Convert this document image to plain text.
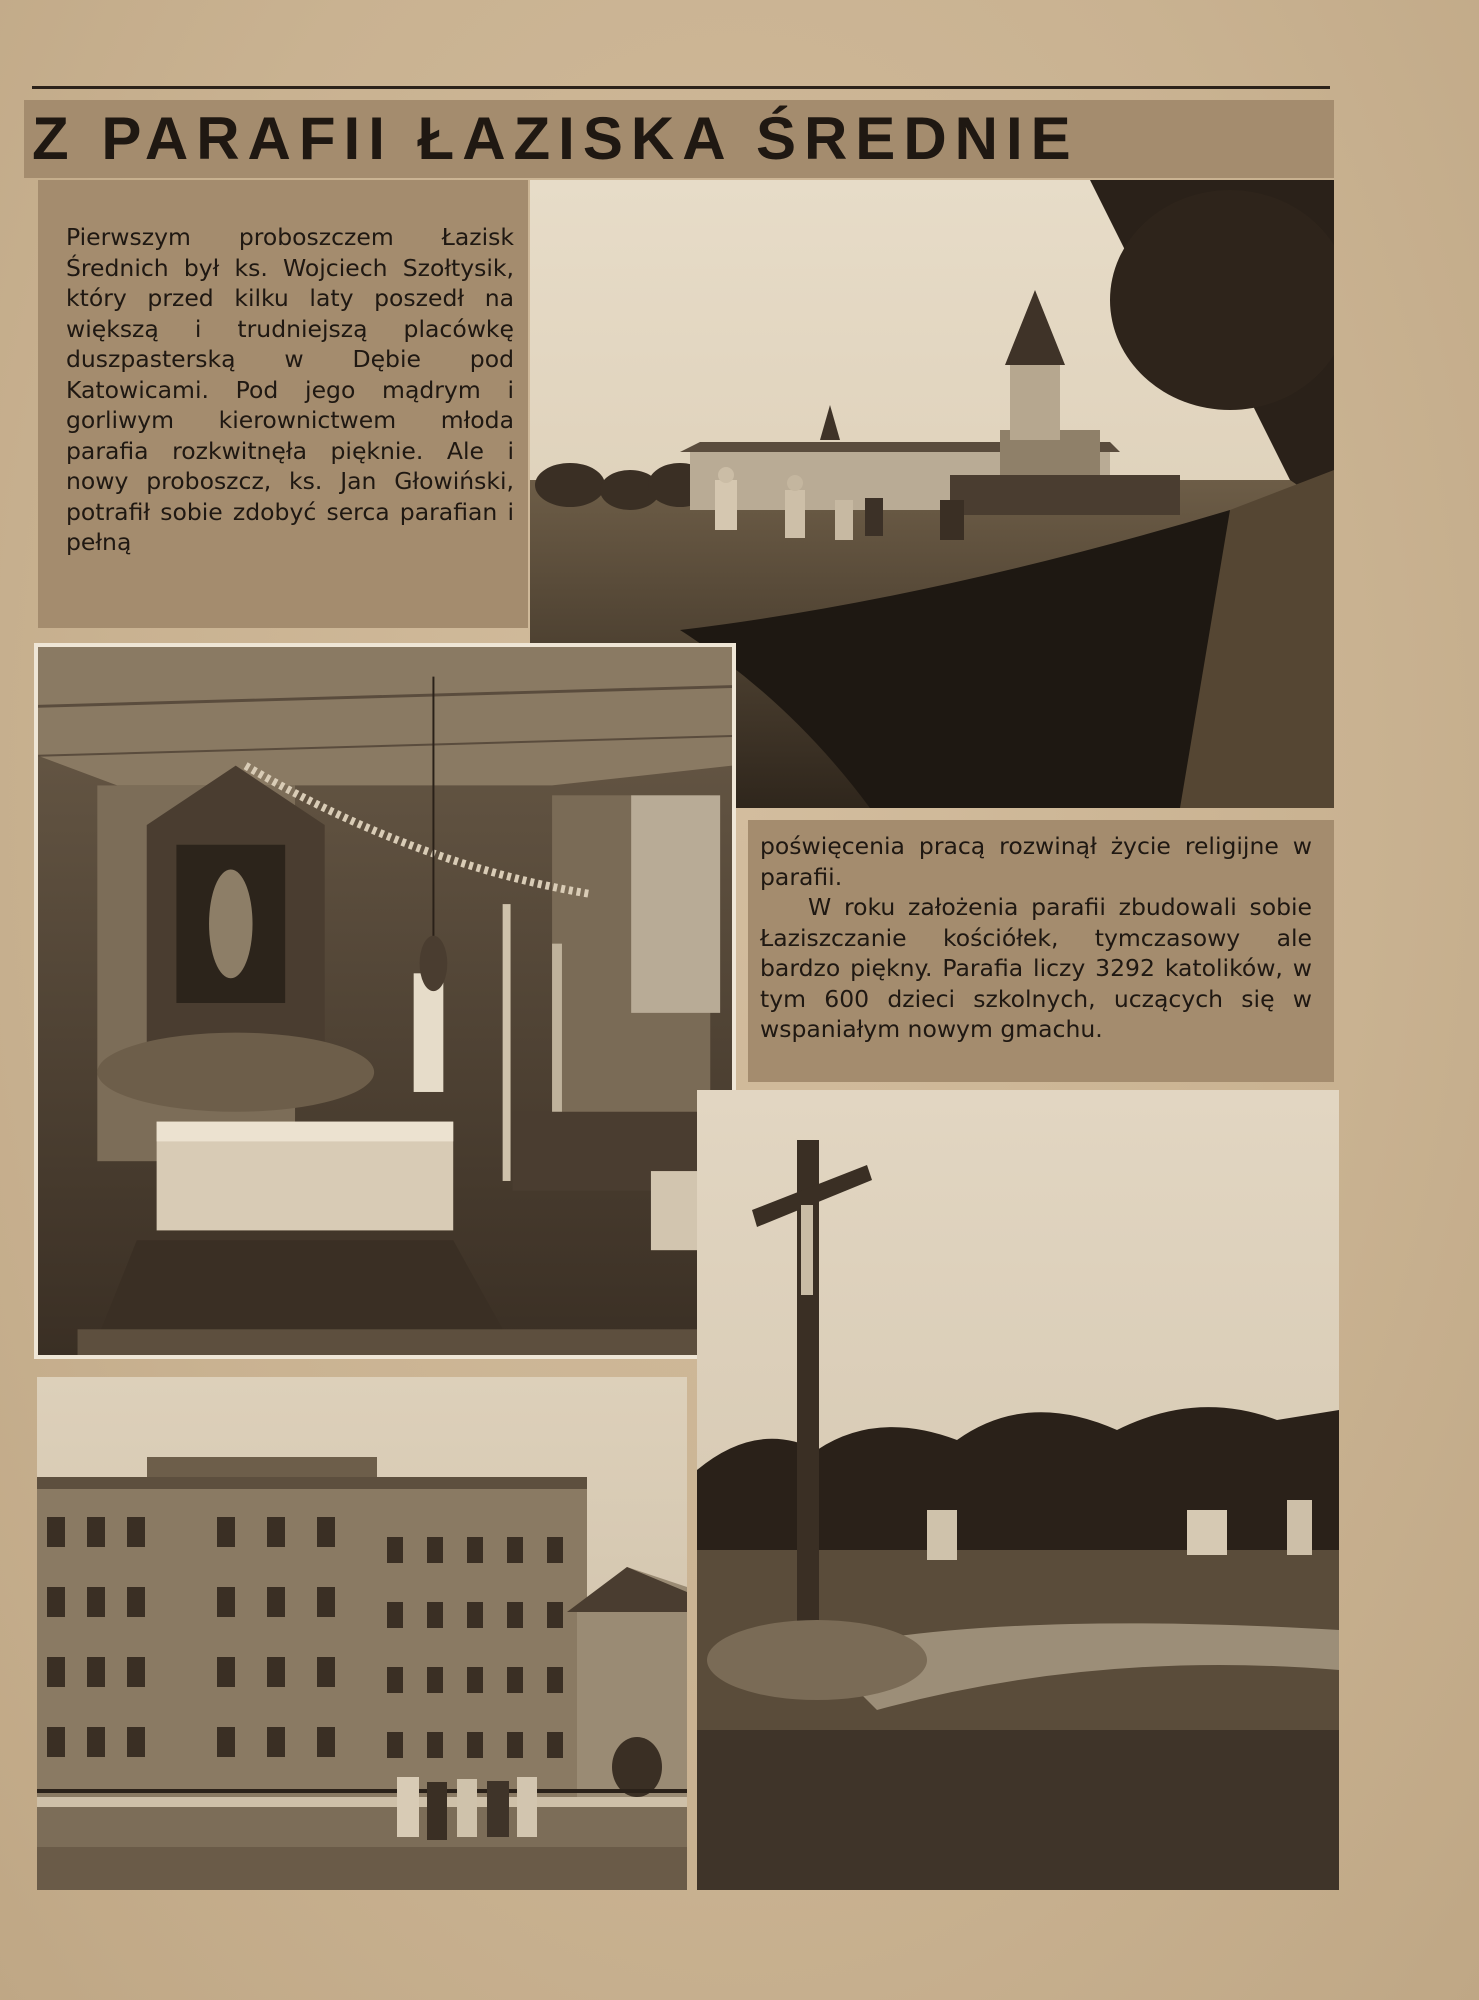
Z PARAFII ŁAZISKA ŚREDNIE

Pierwszym proboszczem Łazisk Średnich był ks. Wojciech Szołtysik, który przed kilku laty poszedł na większą i trudniejszą placówkę duszpasterską w Dębie pod Katowicami. Pod jego mądrym i gorliwym kierownictwem młoda parafia rozkwitnęła pięknie. Ale i nowy proboszcz, ks. Jan Głowiński, potrafił sobie zdobyć serca parafian i pełną

poświęcenia pracą rozwinął życie religijne w parafii.

W roku założenia parafii zbudowali sobie Łaziszczanie kościółek, tymczasowy ale bardzo piękny. Parafia liczy 3292 katolików, w tym 600 dzieci szkolnych, uczących się w wspaniałym nowym gmachu.
